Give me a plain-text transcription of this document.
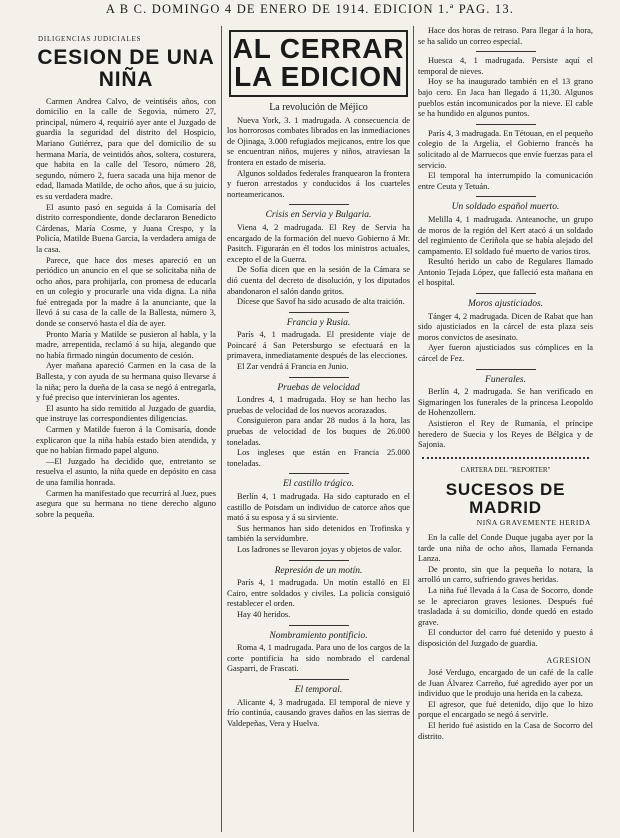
A B C. DOMINGO 4 DE ENERO DE 1914. EDICION 1.ª PAG. 13.
DILIGENCIAS JUDICIALES
CESION DE UNA NIÑA

Carmen Andrea Calvo, de veintiséis años, con domicilio en la calle de Segovia, número 27, principal, número 4, requirió ayer ante el Juzgado de guardia la seguridad del distrito del Hospicio, Mariano Gutiérrez, para que del domicilio de su hermana María, de veintidós años, soltera, costurera, que habita en la calle del Tesoro, número 28, segundo, número 2, fuera sacada una hija menor de edad, llamada Matilde, de ocho años, que á su juicio, es su verdadera madre.

El asunto pasó en seguida á la Comisaría del distrito correspondiente, donde declararon Benedicto Cárdenas, María Cosme, y Juana Crespo, y la Policía, Matilde Buena Garcia, la verdadera amiga de la casa.

Parece, que hace dos meses apareció en un periódico un anuncio en el que se solicitaba niña de ocho años, para prohijarla, con promesa de educarla en un colegio y procurarle una vida digna. La niña fué entregada por la madre á la anunciante, que la llevó á su casa de la calle de la Ballesta, número 3, donde se conservó hasta el día de ayer.

Pronto María y Matilde se pusieron al habla, y la madre, arrepentida, reclamó á su hija, alegando que no había firmado ningún documento de cesión.

Ayer mañana apareció Carmen en la casa de la Ballesta, y con ayuda de su hermana quiso llevarse á la niña; pero la dueña de la casa se negó á entregarla, y fué preciso que intervinieran los agentes.

El asunto ha sido remitido al Juzgado de guardia, que instruye las correspondientes diligencias.

Carmen y Matilde fueron á la Comisaría, donde explicaron que la niña había estado bien atendida, y que no habían firmado papel alguno.

—El Juzgado ha decidido que, entretanto se resuelva el asunto, la niña quede en depósito en casa de una familia honrada.

Carmen ha manifestado que recurrirá al Juez, pues asegura que su hermana no tiene derecho alguno sobre la pequeña.

AL CERRAR
LA EDICION
La revolución de Méjico

Nueva York, 3. 1 madrugada. A consecuencia de los horrorosos combates librados en las inmediaciones de Ojinaga, 3.000 refugiados mejicanos, entre los que se encuentran niños, mujeres y niños, atraviesan la frontera en estado de miseria.

Algunos soldados federales franquearon la frontera y fueron arrestados y conducidos á los cuarteles norteamericanos.

Crisis en Servia y Bulgaria.

Viena 4, 2 madrugada. El Rey de Servia ha encargado de la formación del nuevo Gobierno á Mr. Pasitch. Figurarán en él todos los ministros actuales, excepto el de la Guerra.

De Sofía dicen que en la sesión de la Cámara se dió cuenta del decreto de disolución, y los diputados abandonaron el salón dando gritos.

Dícese que Savof ha sido acusado de alta traición.

Francia y Rusia.

París 4, 1 madrugada. El presidente viaje de Poincaré á San Petersburgo se efectuará en la primavera, inmediatamente después de las elecciones.

El Zar vendrá á Francia en Junio.

Pruebas de velocidad

Londres 4, 1 madrugada. Hoy se han hecho las pruebas de velocidad de los nuevos acorazados.

Consiguieron para andar 28 nudos á la hora, las pruebas de velocidad de los buques de 26.000 toneladas.

Los ingleses que están en Francia 25.000 toneladas.

El castillo trágico.

Berlín 4, 1 madrugada. Ha sido capturado en el castillo de Potsdam un individuo de catorce años que mató á su esposa y á su sirviente.

Sus hermanos han sido detenidos en Trofinska y también la servidumbre.

Los ladrones se llevaron joyas y objetos de valor.

Represión de un motín.

París 4, 1 madrugada. Un motín estalló en El Cairo, entre soldados y civiles. La policía consiguió restablecer el orden.

Hay 40 heridos.

Nombramiento pontificio.

Roma 4, 1 madrugada. Para uno de los cargos de la corte pontificia ha sido nombrado el cardenal Gasparri, de Frascati.

El temporal.

Alicante 4, 3 madrugada. El temporal de nieve y frío continúa, causando graves daños en las sierras de Valdepeñas, Vera y Huelva.

Hace dos horas de retraso. Para llegar á la hora, se ha salido un correo especial.

Huesca 4, 1 madrugada. Persiste aquí el temporal de nieves.

Hoy se ha inaugurado también en el 13 grano bajo cero. En Jaca han llegado á 11,30. Algunos pueblos están incomunicados por la nieve. El cable se ha hundido en algunos puntos.

París 4, 3 madrugada. En Tétouan, en el pequeño colegio de la Argelia, el Gobierno francés ha solicitado al de Marruecos que envíe fuerzas para el servicio.

El temporal ha interrumpido la comunicación entre Ceuta y Tetuán.

Un soldado español muerto.

Melilla 4, 1 madrugada. Anteanoche, un grupo de moros de la región del Kert atacó á un soldado del regimiento de Ceriñola que se había alejado del campamento. El soldado fué muerto de varios tiros.

Resultó herido un cabo de Regulares llamado Antonio Tejada López, que falleció esta mañana en el hospital.

Moros ajusticiados.

Tánger 4, 2 madrugada. Dicen de Rabat que han sido ajusticiados en la cárcel de esta plaza seis moros convictos de asesinato.

Ayer fueron ajusticiados sus cómplices en la cárcel de Fez.

Funerales.

Berlín 4, 2 madrugada. Se han verificado en Sigmaringen los funerales de la princesa Leopoldo de Hohenzollern.

Asistieron el Rey de Rumanía, el príncipe heredero de Suecia y los Reyes de Bélgica y de Sajonia.

CARTERA DEL "REPORTER"
SUCESOS DE MADRID
NIÑA GRAVEMENTE HERIDA

En la calle del Conde Duque jugaba ayer por la tarde una niña de ocho años, llamada Fernanda Lanza.

De pronto, sin que la pequeña lo notara, la arrolló un carro, sufriendo graves heridas.

La niña fué llevada á la Casa de Socorro, donde se le apreciaron graves lesiones. Después fué trasladada á su domicilio, donde quedó en estado grave.

El conductor del carro fué detenido y puesto á disposición del Juzgado de guardia.

AGRESION

José Verdugo, encargado de un café de la calle de Juan Álvarez Carreño, fué agredido ayer por un individuo que le produjo una herida en la cabeza.

El agresor, que fué detenido, dijo que lo hizo porque el encargado se negó á servirle.

El herido fué asistido en la Casa de Socorro del distrito.
